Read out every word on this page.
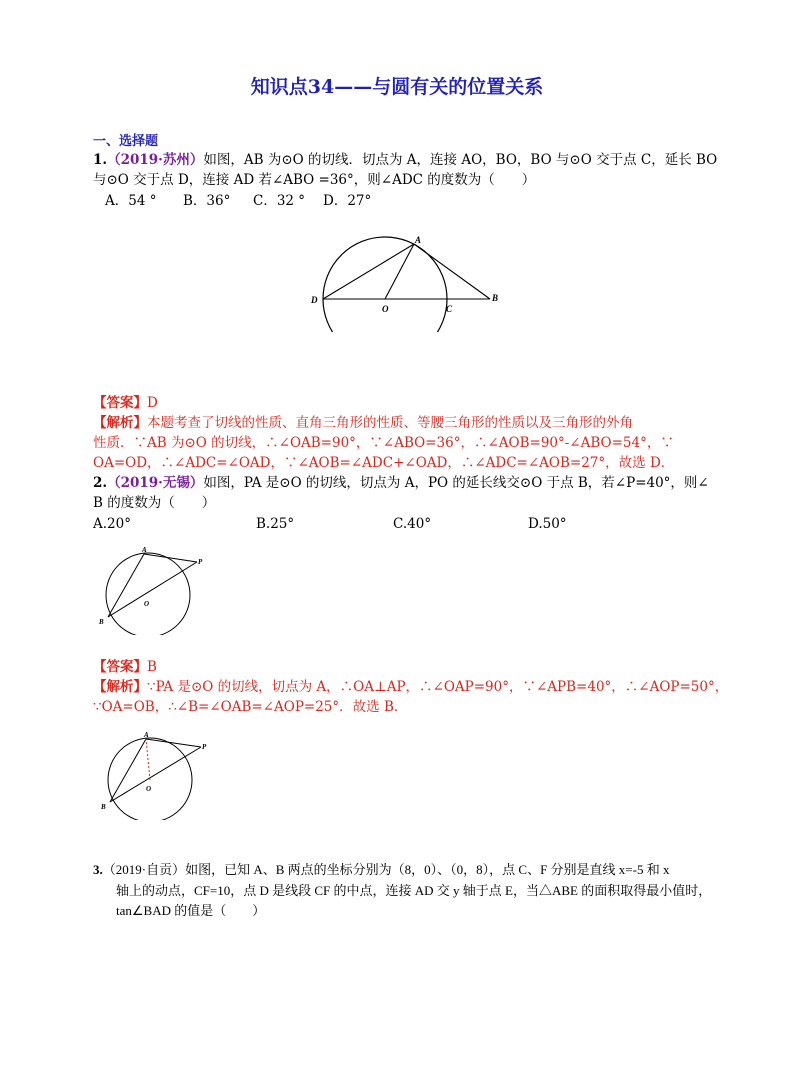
知识点34——与圆有关的位置关系
一、选择题
1.（2019·苏州）如图，AB 为⊙O 的切线．切点为 A，连接 AO，BO，BO 与⊙O 交于点 C，延长 BO
与⊙O 交于点 D，连接 AD 若∠ABO =36°，则∠ADC 的度数为（　　）
A．54 ° B．36° C．32 ° D．27°
A
B
C
D
O
【答案】D
【解析】本题考查了切线的性质、直角三角形的性质、等腰三角形的性质以及三角形的外角
性质．∵AB 为⊙O 的切线，∴∠OAB=90°，∵∠ABO=36°，∴∠AOB=90°-∠ABO=54°，∵
OA=OD，∴∠ADC=∠OAD，∵∠AOB=∠ADC+∠OAD，∴∠ADC=∠AOB=27°，故选 D．
2.（2019·无锡）如图，PA 是⊙O 的切线，切点为 A，PO 的延长线交⊙O 于点 B，若∠P=40°，则∠
B 的度数为（　　）
A.20°	B.25°	C.40°	D.50°
A
P
O
B
【答案】B
【解析】∵PA 是⊙O 的切线，切点为 A，∴OA⊥AP，∴∠OAP=90°，∵∠APB=40°，∴∠AOP=50°，
∵OA=OB，∴∠B=∠OAB=∠AOP=25°．故选 B．
A
P
O
B
3.（2019·自贡）如图，已知 A、B 两点的坐标分别为（8，0）、（0，8），点 C、F 分别是直线 x=-5 和 x
轴上的动点，CF=10，点 D 是线段 CF 的中点，连接 AD 交 y 轴于点 E，当△ABE 的面积取得最小值时，
tan∠BAD 的值是（　　）
